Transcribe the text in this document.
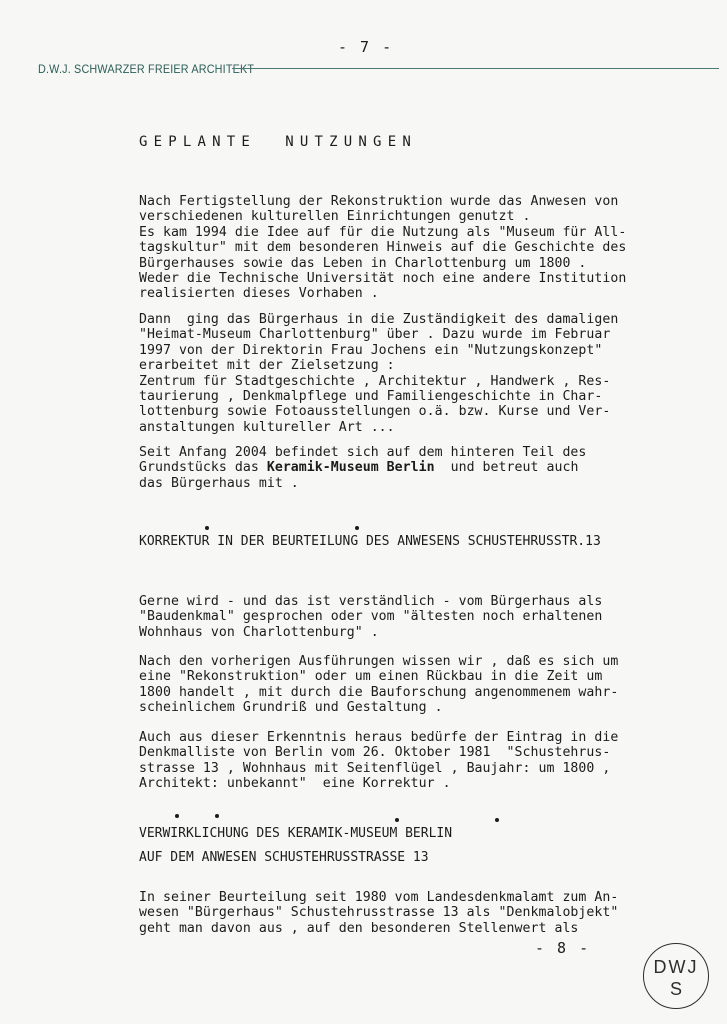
- 7 -
D.W.J. SCHWARZER FREIER ARCHITEKT
GEPLANTE  NUTZUNGEN
Nach Fertigstellung der Rekonstruktion wurde das Anwesen von
verschiedenen kulturellen Einrichtungen genutzt .
Es kam 1994 die Idee auf für die Nutzung als "Museum für All-
tagskultur" mit dem besonderen Hinweis auf die Geschichte des
Bürgerhauses sowie das Leben in Charlottenburg um 1800 .
Weder die Technische Universität noch eine andere Institution
realisierten dieses Vorhaben .
Dann  ging das Bürgerhaus in die Zuständigkeit des damaligen
"Heimat-Museum Charlottenburg" über . Dazu wurde im Februar
1997 von der Direktorin Frau Jochens ein "Nutzungskonzept"
erarbeitet mit der Zielsetzung :
Zentrum für Stadtgeschichte , Architektur , Handwerk , Res-
taurierung , Denkmalpflege und Familiengeschichte in Char-
lottenburg sowie Fotoausstellungen o.ä. bzw. Kurse und Ver-
anstaltungen kultureller Art ...
Seit Anfang 2004 befindet sich auf dem hinteren Teil des
Grundstücks das Keramik-Museum Berlin  und betreut auch
das Bürgerhaus mit .
KORREKTUR IN DER BEURTEILUNG DES ANWESENS SCHUSTEHRUSSTR.13
Gerne wird - und das ist verständlich - vom Bürgerhaus als
"Baudenkmal" gesprochen oder vom "ältesten noch erhaltenen
Wohnhaus von Charlottenburg" .
Nach den vorherigen Ausführungen wissen wir , daß es sich um
eine "Rekonstruktion" oder um einen Rückbau in die Zeit um
1800 handelt , mit durch die Bauforschung angenommenem wahr-
scheinlichem Grundriß und Gestaltung .
Auch aus dieser Erkenntnis heraus bedürfe der Eintrag in die
Denkmalliste von Berlin vom 26. Oktober 1981  "Schustehrus-
strasse 13 , Wohnhaus mit Seitenflügel , Baujahr: um 1800 ,
Architekt: unbekannt"  eine Korrektur .
VERWIRKLICHUNG DES KERAMIK-MUSEUM BERLIN
AUF DEM ANWESEN SCHUSTEHRUSSTRASSE 13
In seiner Beurteilung seit 1980 vom Landesdenkmalamt zum An-
wesen "Bürgerhaus" Schustehrusstrasse 13 als "Denkmalobjekt"
geht man davon aus , auf den besonderen Stellenwert als
- 8 -
DWJ
S
